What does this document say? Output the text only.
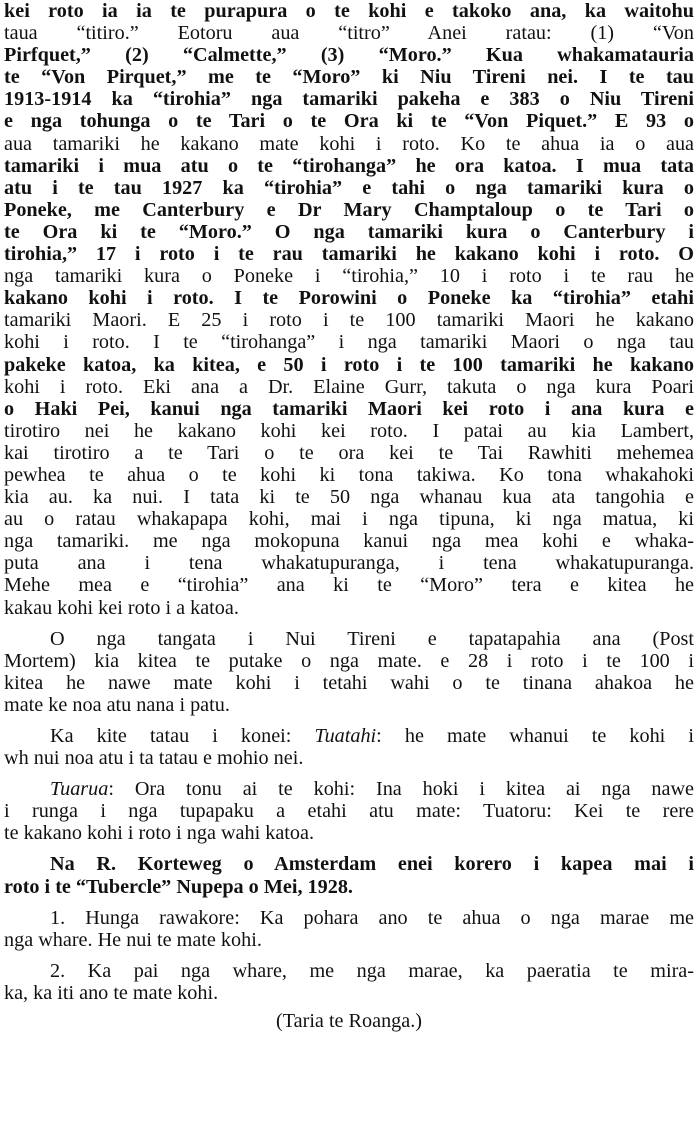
kei roto ia ia te purapura o te kohi e takoko ana, ka waitohu
taua “titiro.” Eotoru aua “titro” Anei ratau: (1) “Von
Pirfquet,” (2) “Calmette,” (3) “Moro.” Kua whakamatauria
te “Von Pirquet,” me te “Moro” ki Niu Tireni nei. I te tau
1913-1914 ka “tirohia” nga tamariki pakeha e 383 o Niu Tireni
e nga tohunga o te Tari o te Ora ki te “Von Piquet.” E 93 o
aua tamariki he kakano mate kohi i roto. Ko te ahua ia o aua
tamariki i mua atu o te “tirohanga” he ora katoa. I mua tata
atu i te tau 1927 ka “tirohia” e tahi o nga tamariki kura o
Poneke, me Canterbury e Dr Mary Champtaloup o te Tari o
te Ora ki te “Moro.” O nga tamariki kura o Canterbury i
tirohia,” 17 i roto i te rau tamariki he kakano kohi i roto. O
nga tamariki kura o Poneke i “tirohia,” 10 i roto i te rau he
kakano kohi i roto. I te Porowini o Poneke ka “tirohia” etahi
tamariki Maori. E 25 i roto i te 100 tamariki Maori he kakano
kohi i roto. I te “tirohanga” i nga tamariki Maori o nga tau
pakeke katoa, ka kitea, e 50 i roto i te 100 tamariki he kakano
kohi i roto. Eki ana a Dr. Elaine Gurr, takuta o nga kura Poari
o Haki Pei, kanui nga tamariki Maori kei roto i ana kura e
tirotiro nei he kakano kohi kei roto. I patai au kia Lambert,
kai tirotiro a te Tari o te ora kei te Tai Rawhiti mehemea
pewhea te ahua o te kohi ki tona takiwa. Ko tona whakahoki
kia au. ka nui. I tata ki te 50 nga whanau kua ata tangohia e
au o ratau whakapapa kohi, mai i nga tipuna, ki nga matua, ki
nga tamariki. me nga mokopuna kanui nga mea kohi e whaka-
puta ana i tena whakatupuranga, i tena whakatupuranga.
Mehe mea e “tirohia” ana ki te “Moro” tera e kitea he
kakau kohi kei roto i a katoa.
O nga tangata i Nui Tireni e tapatapahia ana (Post
Mortem) kia kitea te putake o nga mate. e 28 i roto i te 100 i
kitea he nawe mate kohi i tetahi wahi o te tinana ahakoa he
mate ke noa atu nana i patu.
Ka kite tatau i konei: Tuatahi: he mate whanui te kohi i
wh nui noa atu i ta tatau e mohio nei.
Tuarua: Ora tonu ai te kohi: Ina hoki i kitea ai nga nawe
i runga i nga tupapaku a etahi atu mate: Tuatoru: Kei te rere
te kakano kohi i roto i nga wahi katoa.
Na R. Korteweg o Amsterdam enei korero i kapea mai i
roto i te “Tubercle” Nupepa o Mei, 1928.
1. Hunga rawakore: Ka pohara ano te ahua o nga marae me
nga whare. He nui te mate kohi.
2. Ka pai nga whare, me nga marae, ka paeratia te mira-
ka, ka iti ano te mate kohi.
(Taria te Roanga.)
